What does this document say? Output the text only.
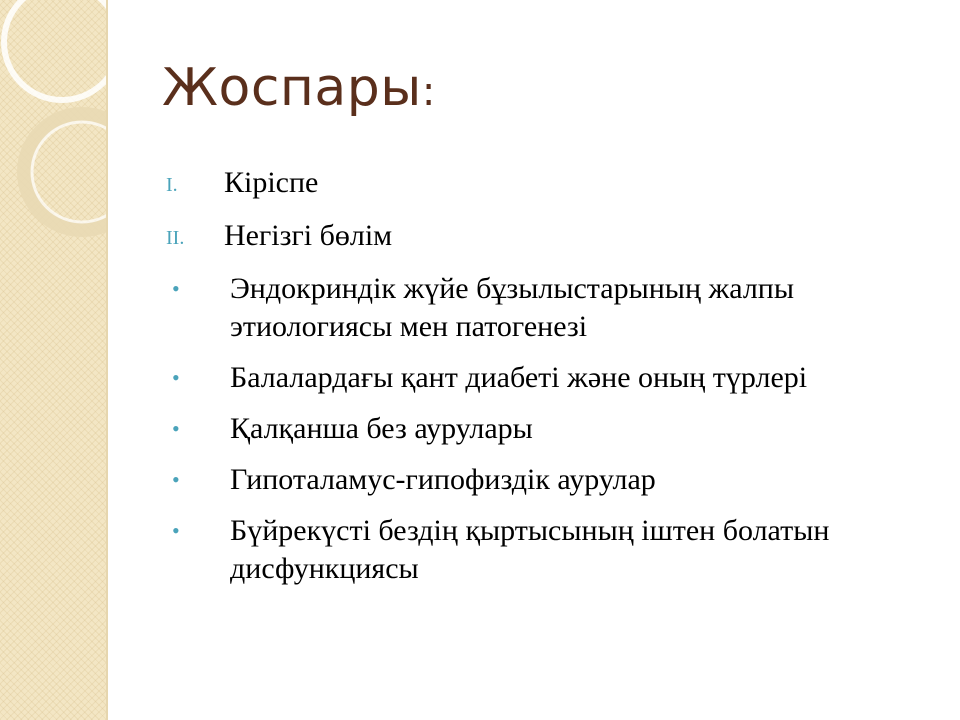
Жоспары:
I.	Кіріспе
II.	Негізгі бөлім
•	Эндокриндік жүйе бұзылыстарының жалпы этиологиясы мен патогенезі
•	Балалардағы қант диабеті және оның түрлері
•	Қалқанша без аурулары
•	Гипоталамус-гипофиздік аурулар
•	Бүйрекүсті бездің қыртысының іштен болатын дисфункциясы
